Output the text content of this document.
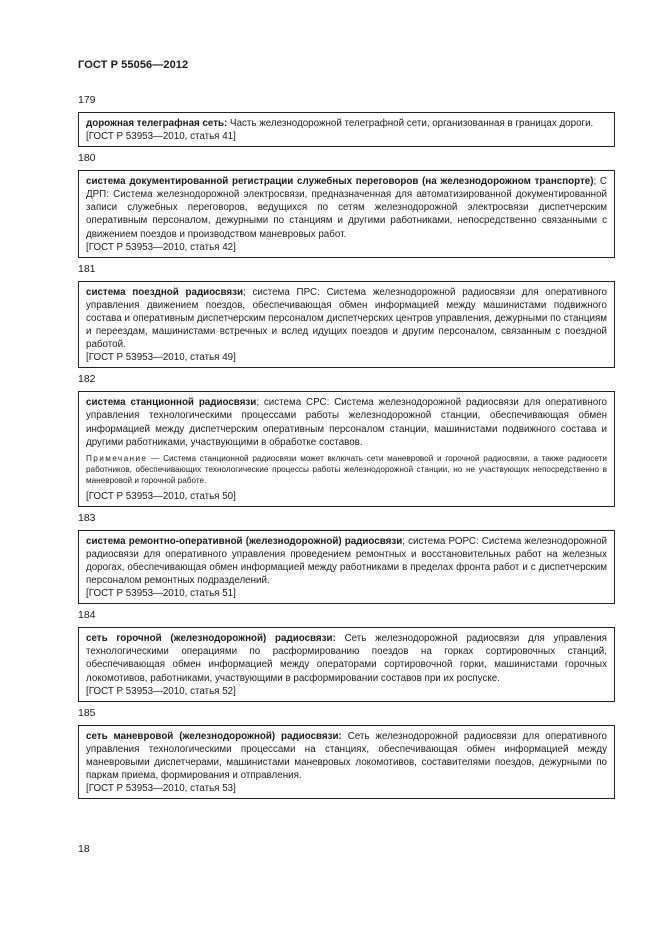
ГОСТ Р 55056—2012
179
дорожная телеграфная сеть: Часть железнодорожной телеграфной сети, организованная в границах дороги.
[ГОСТ Р 53953—2010, статья 41]
180
система документированной регистрации служебных переговоров (на железнодорожном транспорте); С ДРП: Система железнодорожной электросвязи, предназначенная для автоматизированной документированной записи служебных переговоров, ведущихся по сетям железнодорожной электросвязи диспетчерским оперативным персоналом, дежурными по станциям и другими работниками, непосредственно связанными с движением поездов и производством маневровых работ.
[ГОСТ Р 53953—2010, статья 42]
181
система поездной радиосвязи; система ПРС: Система железнодорожной радиосвязи для оперативного управления движением поездов, обеспечивающая обмен информацией между машинистами подвижного состава и оперативным диспетчерским персоналом диспетчерских центров управления, дежурными по станциям и переездам, машинистами встречных и вслед идущих поездов и другим персоналом, связанным с поездной работой.
[ГОСТ Р 53953—2010, статья 49]
182
система станционной радиосвязи; система СРС: Система железнодорожной радиосвязи для оперативного управления технологическими процессами работы железнодорожной станции, обеспечивающая обмен информацией между диспетчерским оперативным персоналом станции, машинистами подвижного состава и другими работниками, участвующими в обработке составов.
Примечание — Система станционной радиосвязи может включать сети маневровой и горочной радиосвязи, а также радиосети работников, обеспечивающих технологические процессы работы железнодорожной станции, но не участвующих непосредственно в маневровой и горочной работе.
[ГОСТ Р 53953—2010, статья 50]
183
система ремонтно-оперативной (железнодорожной) радиосвязи; система РОРС: Система железнодорожной радиосвязи для оперативного управления проведением ремонтных и восстановительных работ на железных дорогах, обеспечивающая обмен информацией между работниками в пределах фронта работ и с диспетчерским персоналом ремонтных подразделений.
[ГОСТ Р 53953—2010, статья 51]
184
сеть горочной (железнодорожной) радиосвязи: Сеть железнодорожной радиосвязи для управления технологическими операциями по расформированию поездов на горках сортировочных станций, обеспечивающая обмен информацией между операторами сортировочной горки, машинистами горочных локомотивов, работниками, участвующими в расформировании составов при их роспуске.
[ГОСТ Р 53953—2010, статья 52]
185
сеть маневровой (железнодорожной) радиосвязи: Сеть железнодорожной радиосвязи для оперативного управления технологическими процессами на станциях, обеспечивающая обмен информацией между маневровыми диспетчерами, машинистами маневровых локомотивов, составителями поездов, дежурными по паркам приема, формирования и отправления.
[ГОСТ Р 53953—2010, статья 53]
18
